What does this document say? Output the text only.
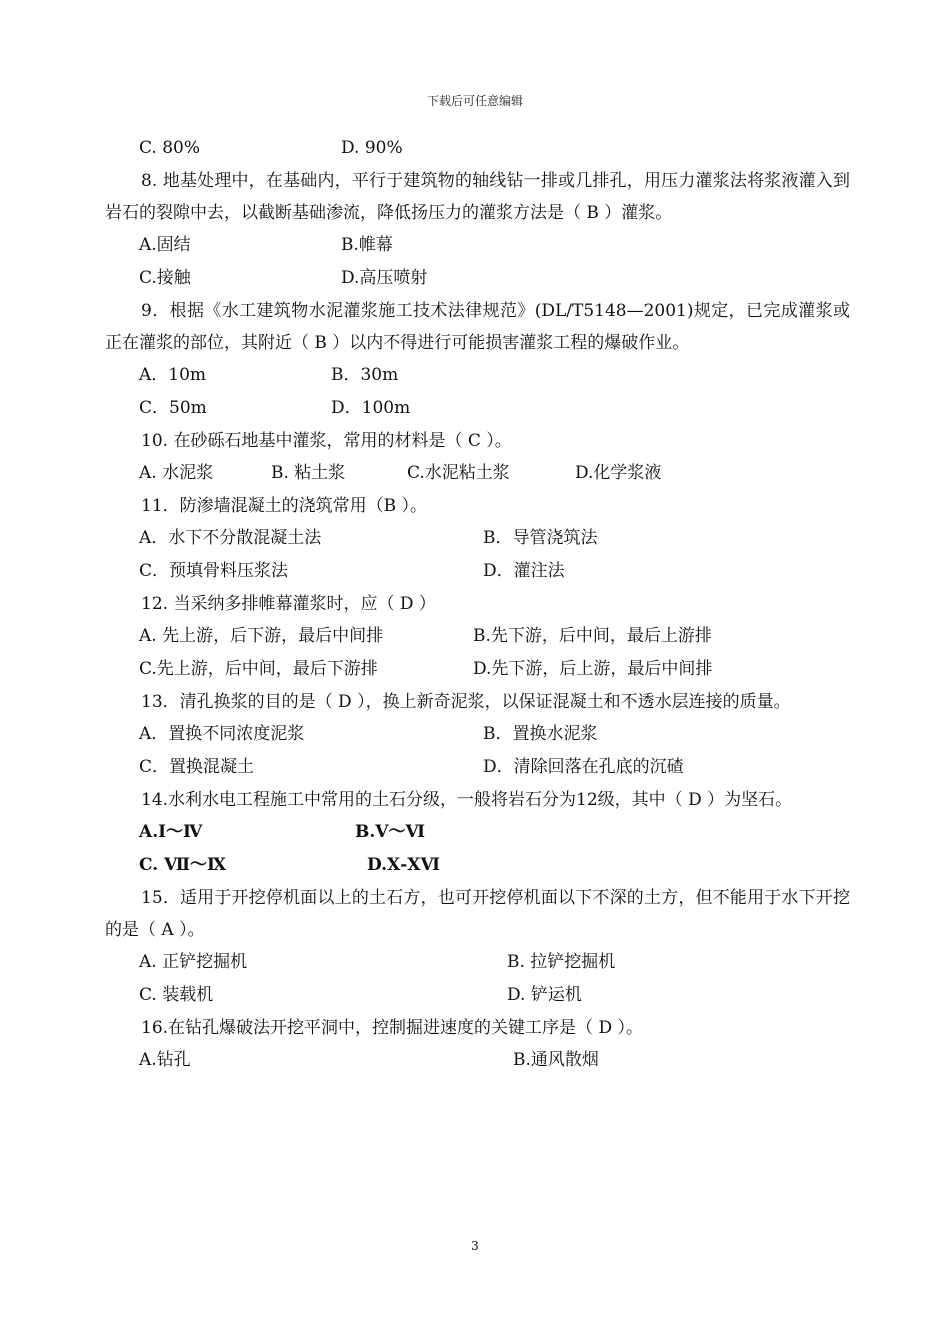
下载后可任意编辑
C. 80%	D. 90%
8. 地基处理中，在基础内，平行于建筑物的轴线钻一排或几排孔，用压力灌浆法将浆液灌入到岩石的裂隙中去，以截断基础渗流，降低扬压力的灌浆方法是（ B ）灌浆。
A.固结	B.帷幕
C.接触	D.高压喷射
9．根据《水工建筑物水泥灌浆施工技术法律规范》(DL/T5148—2001)规定，已完成灌浆或正在灌浆的部位，其附近（ B ）以内不得进行可能损害灌浆工程的爆破作业。
A．10m	B．30m
C．50m	D．100m
10. 在砂砾石地基中灌浆，常用的材料是（ C ）。
A. 水泥浆	B. 粘土浆	C.水泥粘土浆	D.化学浆液
11．防渗墙混凝土的浇筑常用（B ）。
A．水下不分散混凝土法	B．导管浇筑法
C．预填骨料压浆法	D．灌注法
12. 当采纳多排帷幕灌浆时，应（ D ）
A. 先上游，后下游，最后中间排	B.先下游，后中间，最后上游排
C.先上游，后中间，最后下游排	D.先下游，后上游，最后中间排
13．清孔换浆的目的是（ D ），换上新奇泥浆，以保证混凝土和不透水层连接的质量。
A．置换不同浓度泥浆	B．置换水泥浆
C．置换混凝土	D．清除回落在孔底的沉碴
14.水利水电工程施工中常用的土石分级，一般将岩石分为12级，其中（ D ）为坚石。
A.Ⅰ～Ⅳ	B.Ⅴ～Ⅵ
C. Ⅶ～Ⅸ	D.Ⅹ-ⅩⅥ
15．适用于开挖停机面以上的土石方，也可开挖停机面以下不深的土方，但不能用于水下开挖的是（ A ）。
A. 正铲挖掘机	B. 拉铲挖掘机
C. 装载机	D. 铲运机
16.在钻孔爆破法开挖平洞中，控制掘进速度的关键工序是（ D ）。
A.钻孔	B.通风散烟
3
